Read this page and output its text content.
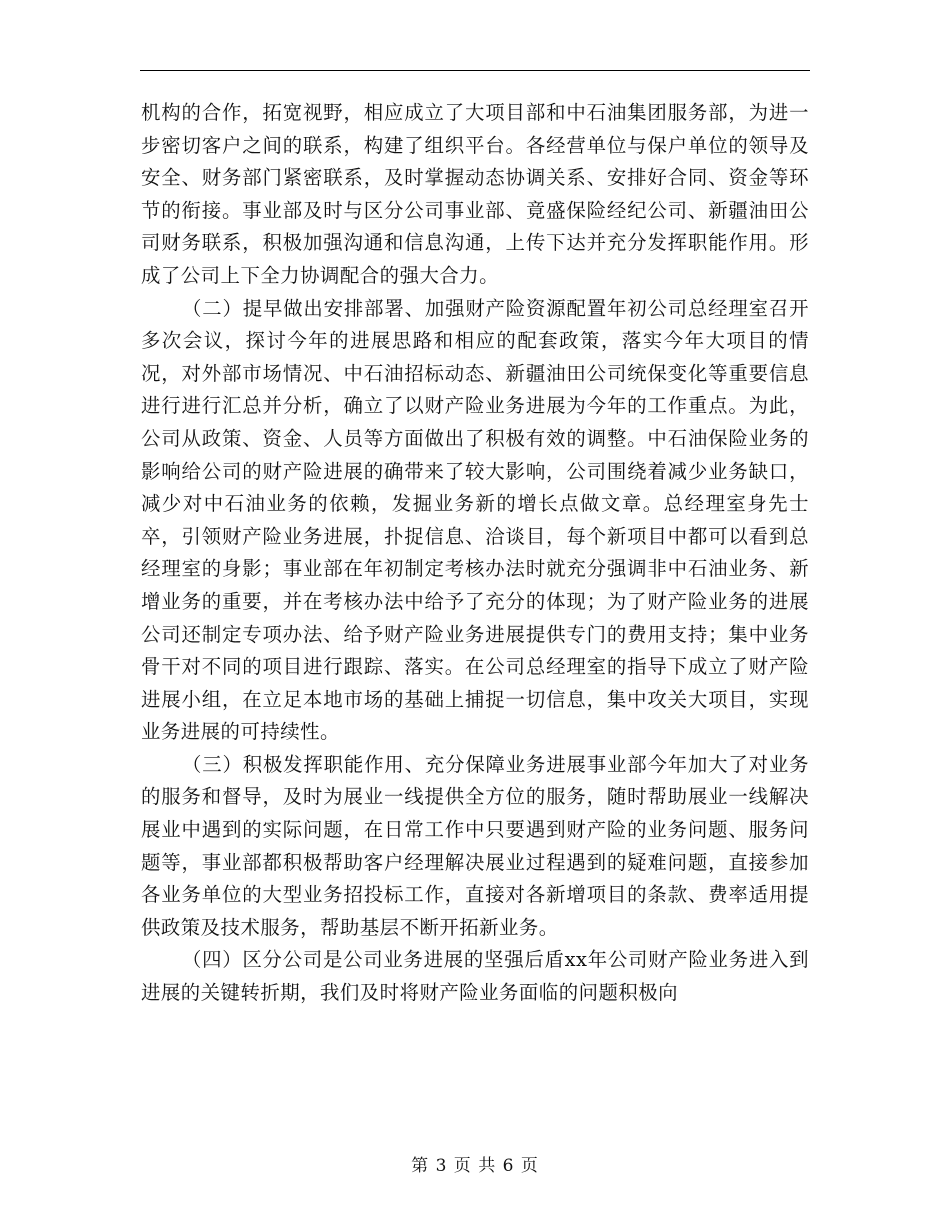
机构的合作，拓宽视野，相应成立了大项目部和中石油集团服务部，为进一步密切客户之间的联系，构建了组织平台。各经营单位与保户单位的领导及安全、财务部门紧密联系，及时掌握动态协调关系、安排好合同、资金等环节的衔接。事业部及时与区分公司事业部、竟盛保险经纪公司、新疆油田公司财务联系，积极加强沟通和信息沟通，上传下达并充分发挥职能作用。形成了公司上下全力协调配合的强大合力。

（二）提早做出安排部署、加强财产险资源配置年初公司总经理室召开多次会议，探讨今年的进展思路和相应的配套政策，落实今年大项目的情况，对外部市场情况、中石油招标动态、新疆油田公司统保变化等重要信息进行进行汇总并分析，确立了以财产险业务进展为今年的工作重点。为此，公司从政策、资金、人员等方面做出了积极有效的调整。中石油保险业务的影响给公司的财产险进展的确带来了较大影响，公司围绕着减少业务缺口，减少对中石油业务的依赖，发掘业务新的增长点做文章。总经理室身先士卒，引领财产险业务进展，扑捉信息、洽谈目，每个新项目中都可以看到总经理室的身影；事业部在年初制定考核办法时就充分强调非中石油业务、新增业务的重要，并在考核办法中给予了充分的体现；为了财产险业务的进展公司还制定专项办法、给予财产险业务进展提供专门的费用支持；集中业务骨干对不同的项目进行跟踪、落实。在公司总经理室的指导下成立了财产险进展小组，在立足本地市场的基础上捕捉一切信息，集中攻关大项目，实现业务进展的可持续性。

（三）积极发挥职能作用、充分保障业务进展事业部今年加大了对业务的服务和督导，及时为展业一线提供全方位的服务，随时帮助展业一线解决展业中遇到的实际问题，在日常工作中只要遇到财产险的业务问题、服务问题等，事业部都积极帮助客户经理解决展业过程遇到的疑难问题，直接参加各业务单位的大型业务招投标工作，直接对各新增项目的条款、费率适用提供政策及技术服务，帮助基层不断开拓新业务。

（四）区分公司是公司业务进展的坚强后盾xx年公司财产险业务进入到进展的关键转折期，我们及时将财产险业务面临的问题积极向

第 3 页 共 6 页
